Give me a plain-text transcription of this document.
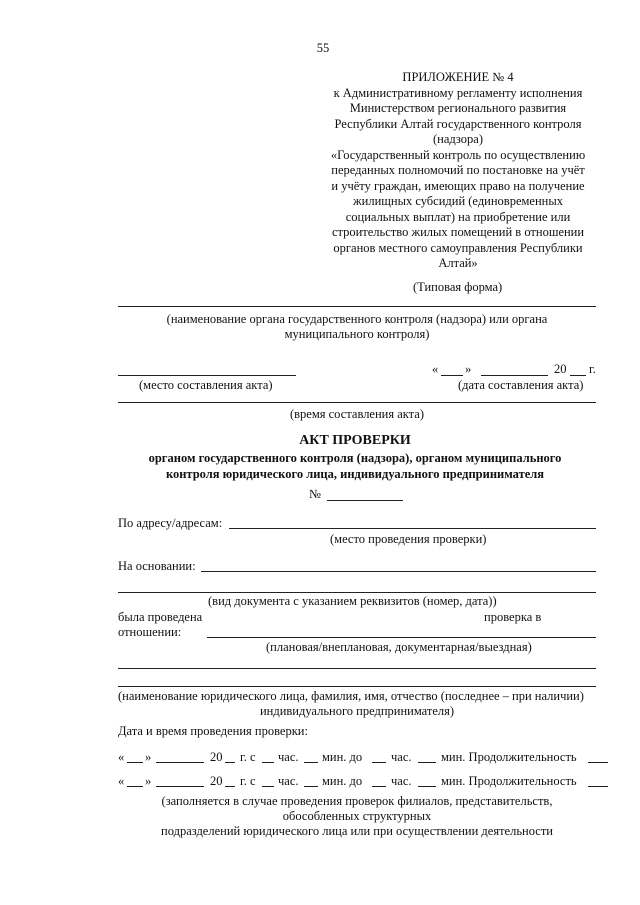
55
ПРИЛОЖЕНИЕ № 4
к Административному регламенту исполнения
Министерством регионального развития
Республики Алтай государственного контроля
(надзора)
«Государственный контроль по осуществлению
переданных полномочий по постановке на учёт
и учёту граждан, имеющих право на получение
жилищных субсидий (единовременных
социальных выплат) на приобретение или
строительство жилых помещений в отношении
органов местного самоуправления Республики
Алтай»
(Типовая форма)
(наименование органа государственного контроля (надзора) или органа
муниципального контроля)
« »	20 г.
(место составления акта)	(дата составления акта)
(время составления акта)
АКТ ПРОВЕРКИ
органом государственного контроля (надзора), органом муниципального
контроля юридического лица, индивидуального предпринимателя
№
По адресу/адресам:
(место проведения проверки)
На основании:
(вид документа с указанием реквизитов (номер, дата))
была проведена	проверка в
отношении:
(плановая/внеплановая, документарная/выездная)
(наименование юридического лица, фамилия, имя, отчество (последнее – при наличии)
индивидуального предпринимателя)
Дата и время проведения проверки:
« »	20 г. с час. мин. до час. мин. Продолжительность
« »	20 г. с час. мин. до час. мин. Продолжительность
(заполняется в случае проведения проверок филиалов, представительств,
обособленных структурных
подразделений юридического лица или при осуществлении деятельности
